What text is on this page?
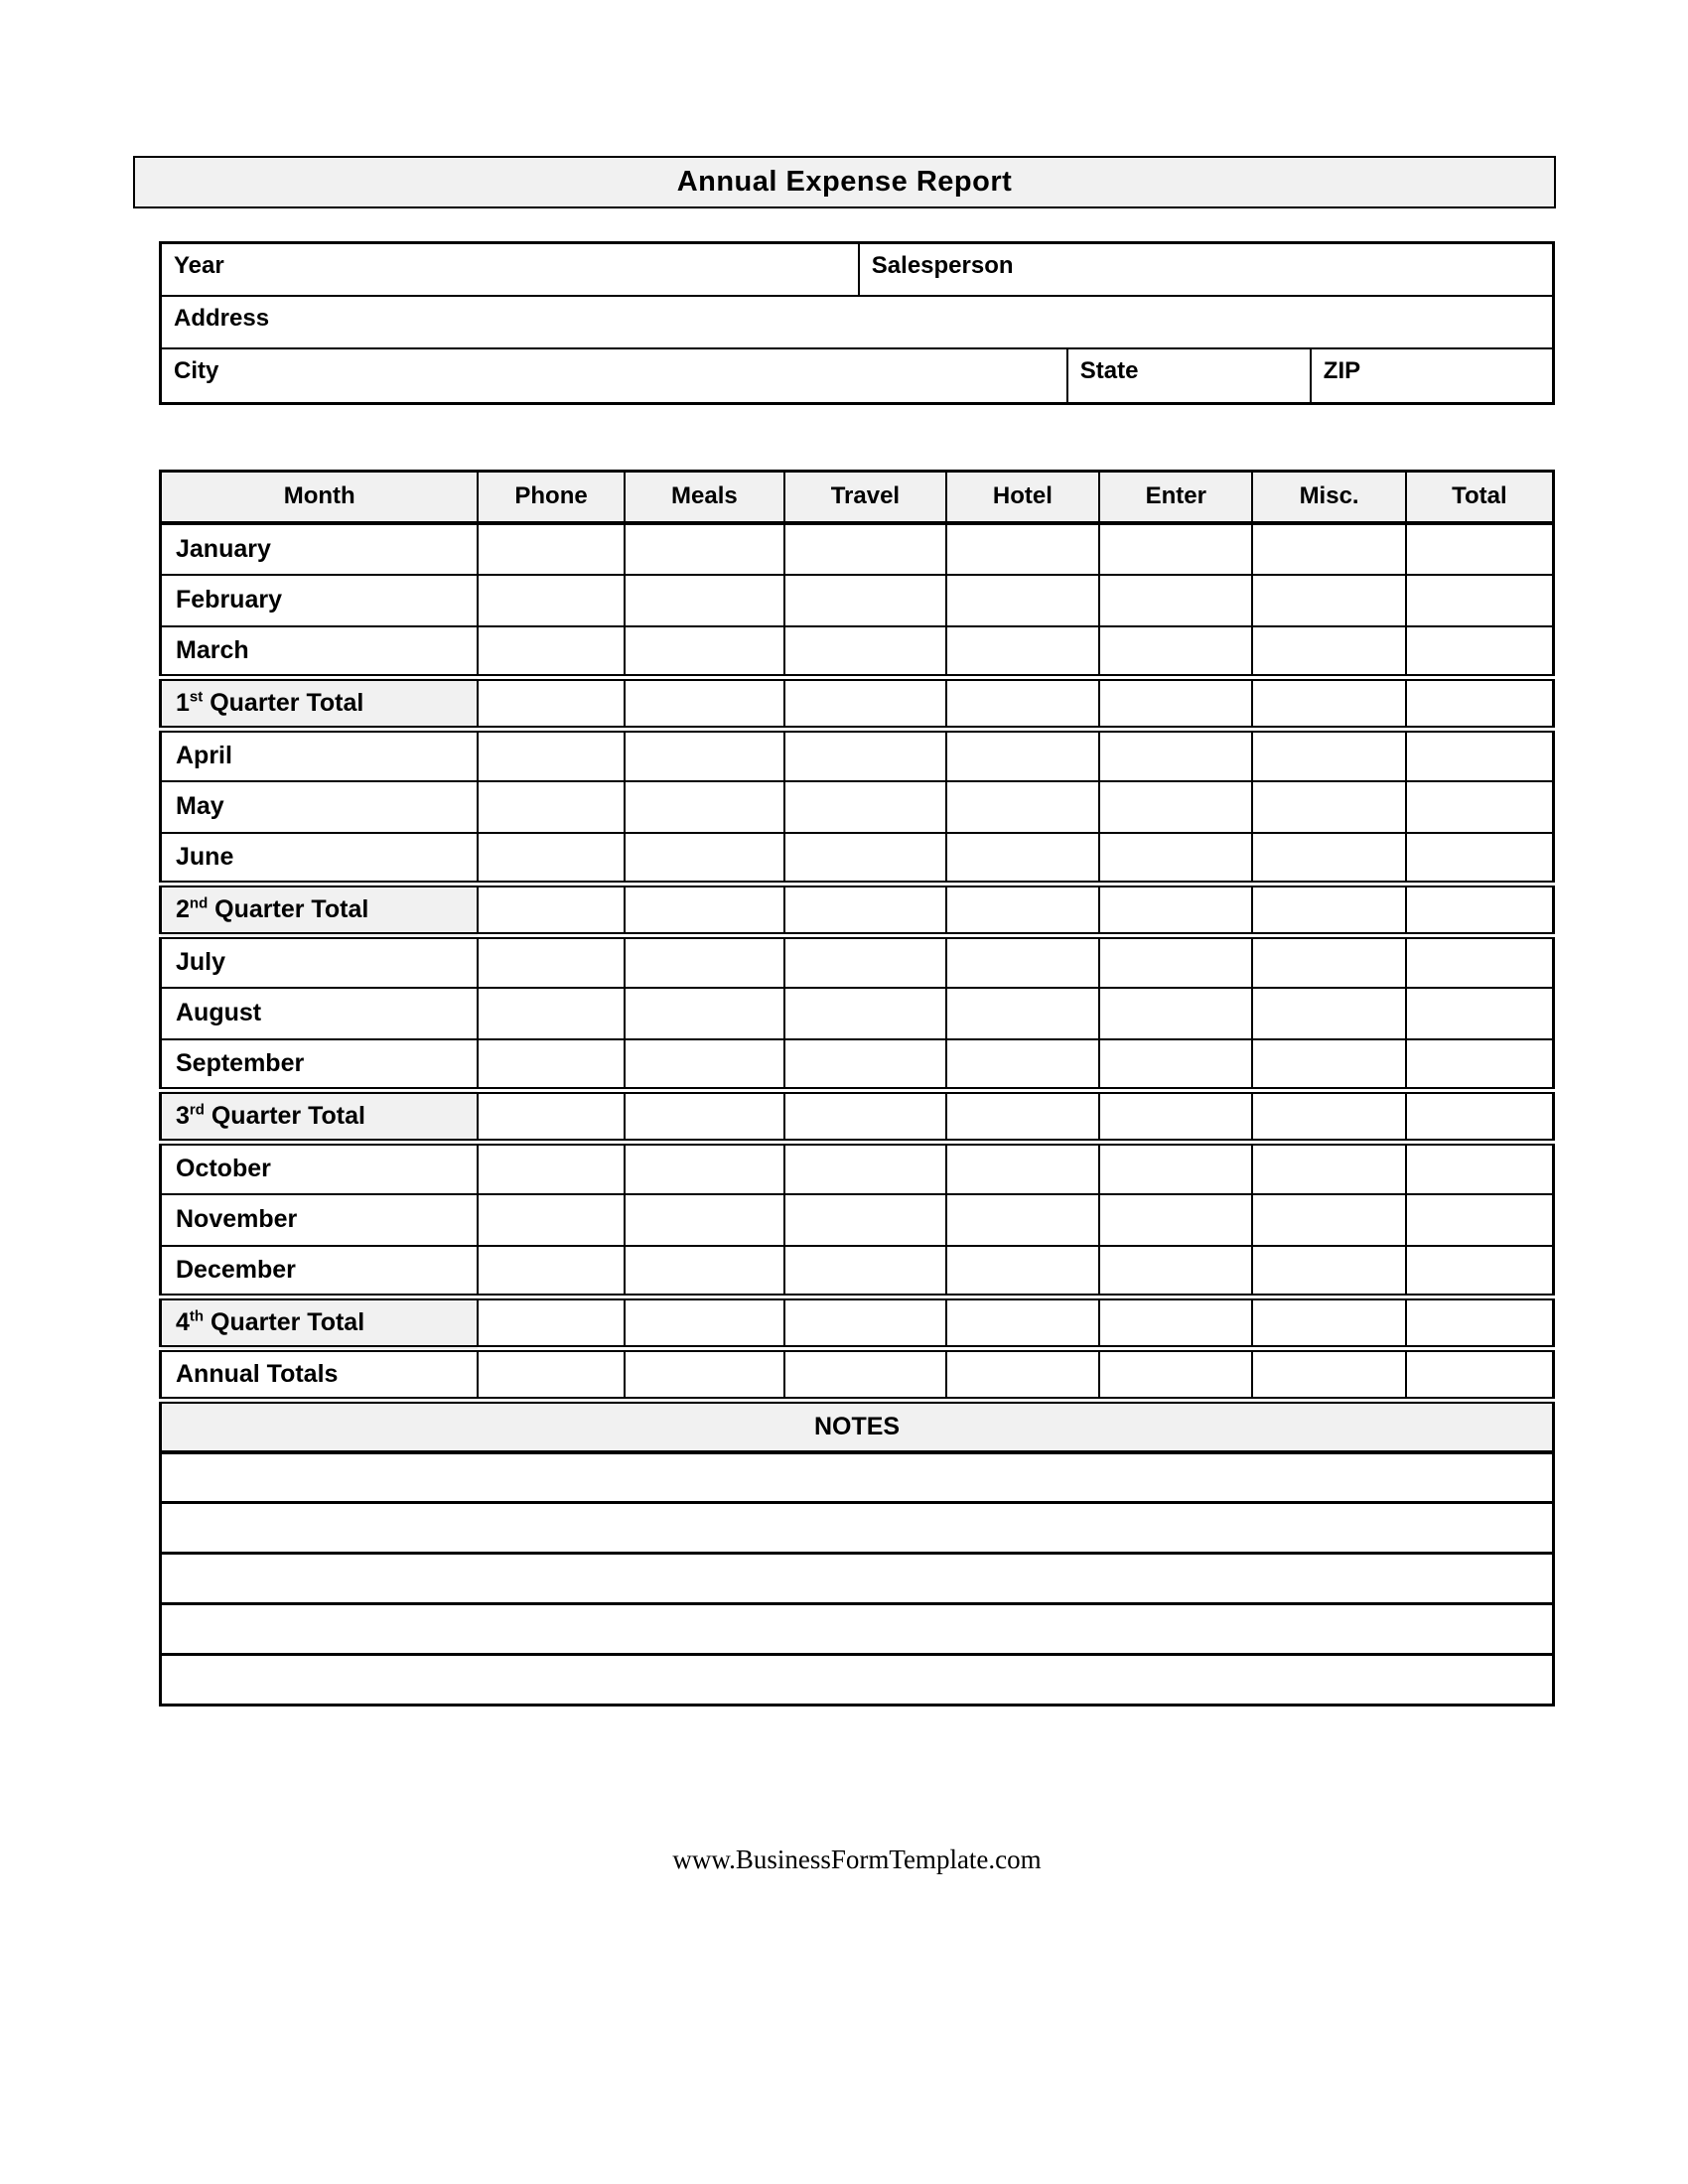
Annual Expense Report
Year	Salesperson
Address
City	State	ZIP
Month	Phone	Meals	Travel	Hotel	Enter	Misc.	Total
January							
February							
March							
1st Quarter Total							
April							
May							
June							
2nd Quarter Total							
July							
August							
September							
3rd Quarter Total							
October							
November							
December							
4th Quarter Total							
Annual Totals							
NOTES							

www.BusinessFormTemplate.com
